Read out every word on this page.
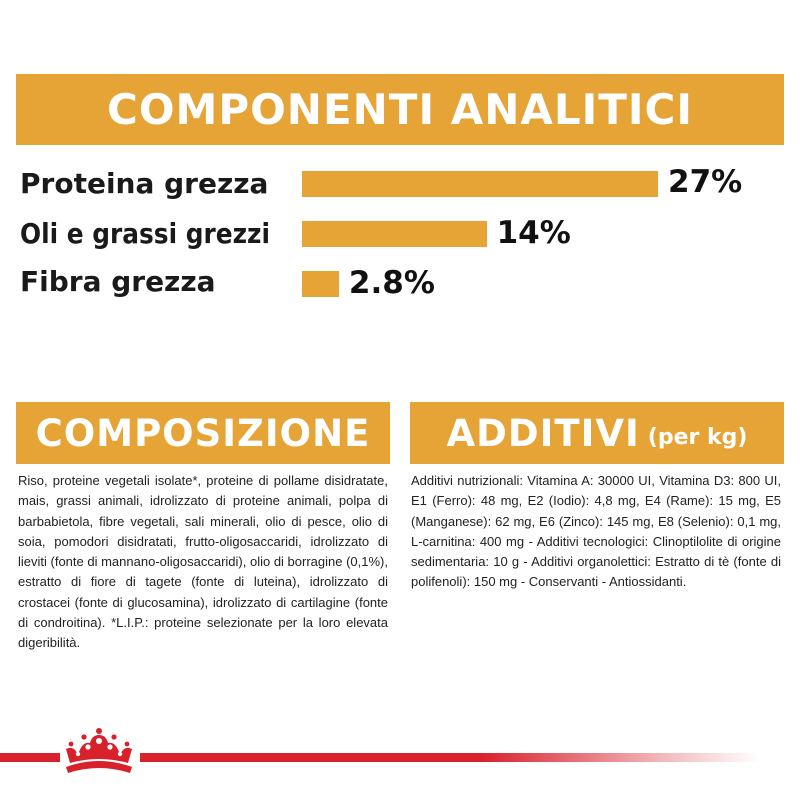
COMPONENTI ANALITICI
Proteina grezza	27%
Oli e grassi grezzi	14%
Fibra grezza	2.8%
COMPOSIZIONE
Riso, proteine vegetali isolate*, proteine di pollame disidratate, mais, grassi animali, idrolizzato di proteine animali, polpa di barbabietola, fibre vegetali, sali minerali, olio di pesce, olio di soia, pomodori disidratati, frutto-oligosaccaridi, idrolizzato di lieviti (fonte di mannano-oligosaccaridi), olio di borragine (0,1%), estratto di fiore di tagete (fonte di luteina), idrolizzato di crostacei (fonte di glucosamina), idrolizzato di cartilagine (fonte di condroitina). *L.I.P.: proteine selezionate per la loro elevata digeribilità.
ADDITIVI (per kg)
Additivi nutrizionali: Vitamina A: 30000 UI, Vitamina D3: 800 UI, E1 (Ferro): 48 mg, E2 (Iodio): 4,8 mg, E4 (Rame): 15 mg, E5 (Manganese): 62 mg, E6 (Zinco): 145 mg, E8 (Selenio): 0,1 mg, L-carnitina: 400 mg - Additivi tecnologici: Clinoptilolite di origine sedimentaria: 10 g - Additivi organolettici: Estratto di tè (fonte di polifenoli): 150 mg - Conservanti - Antiossidanti.
